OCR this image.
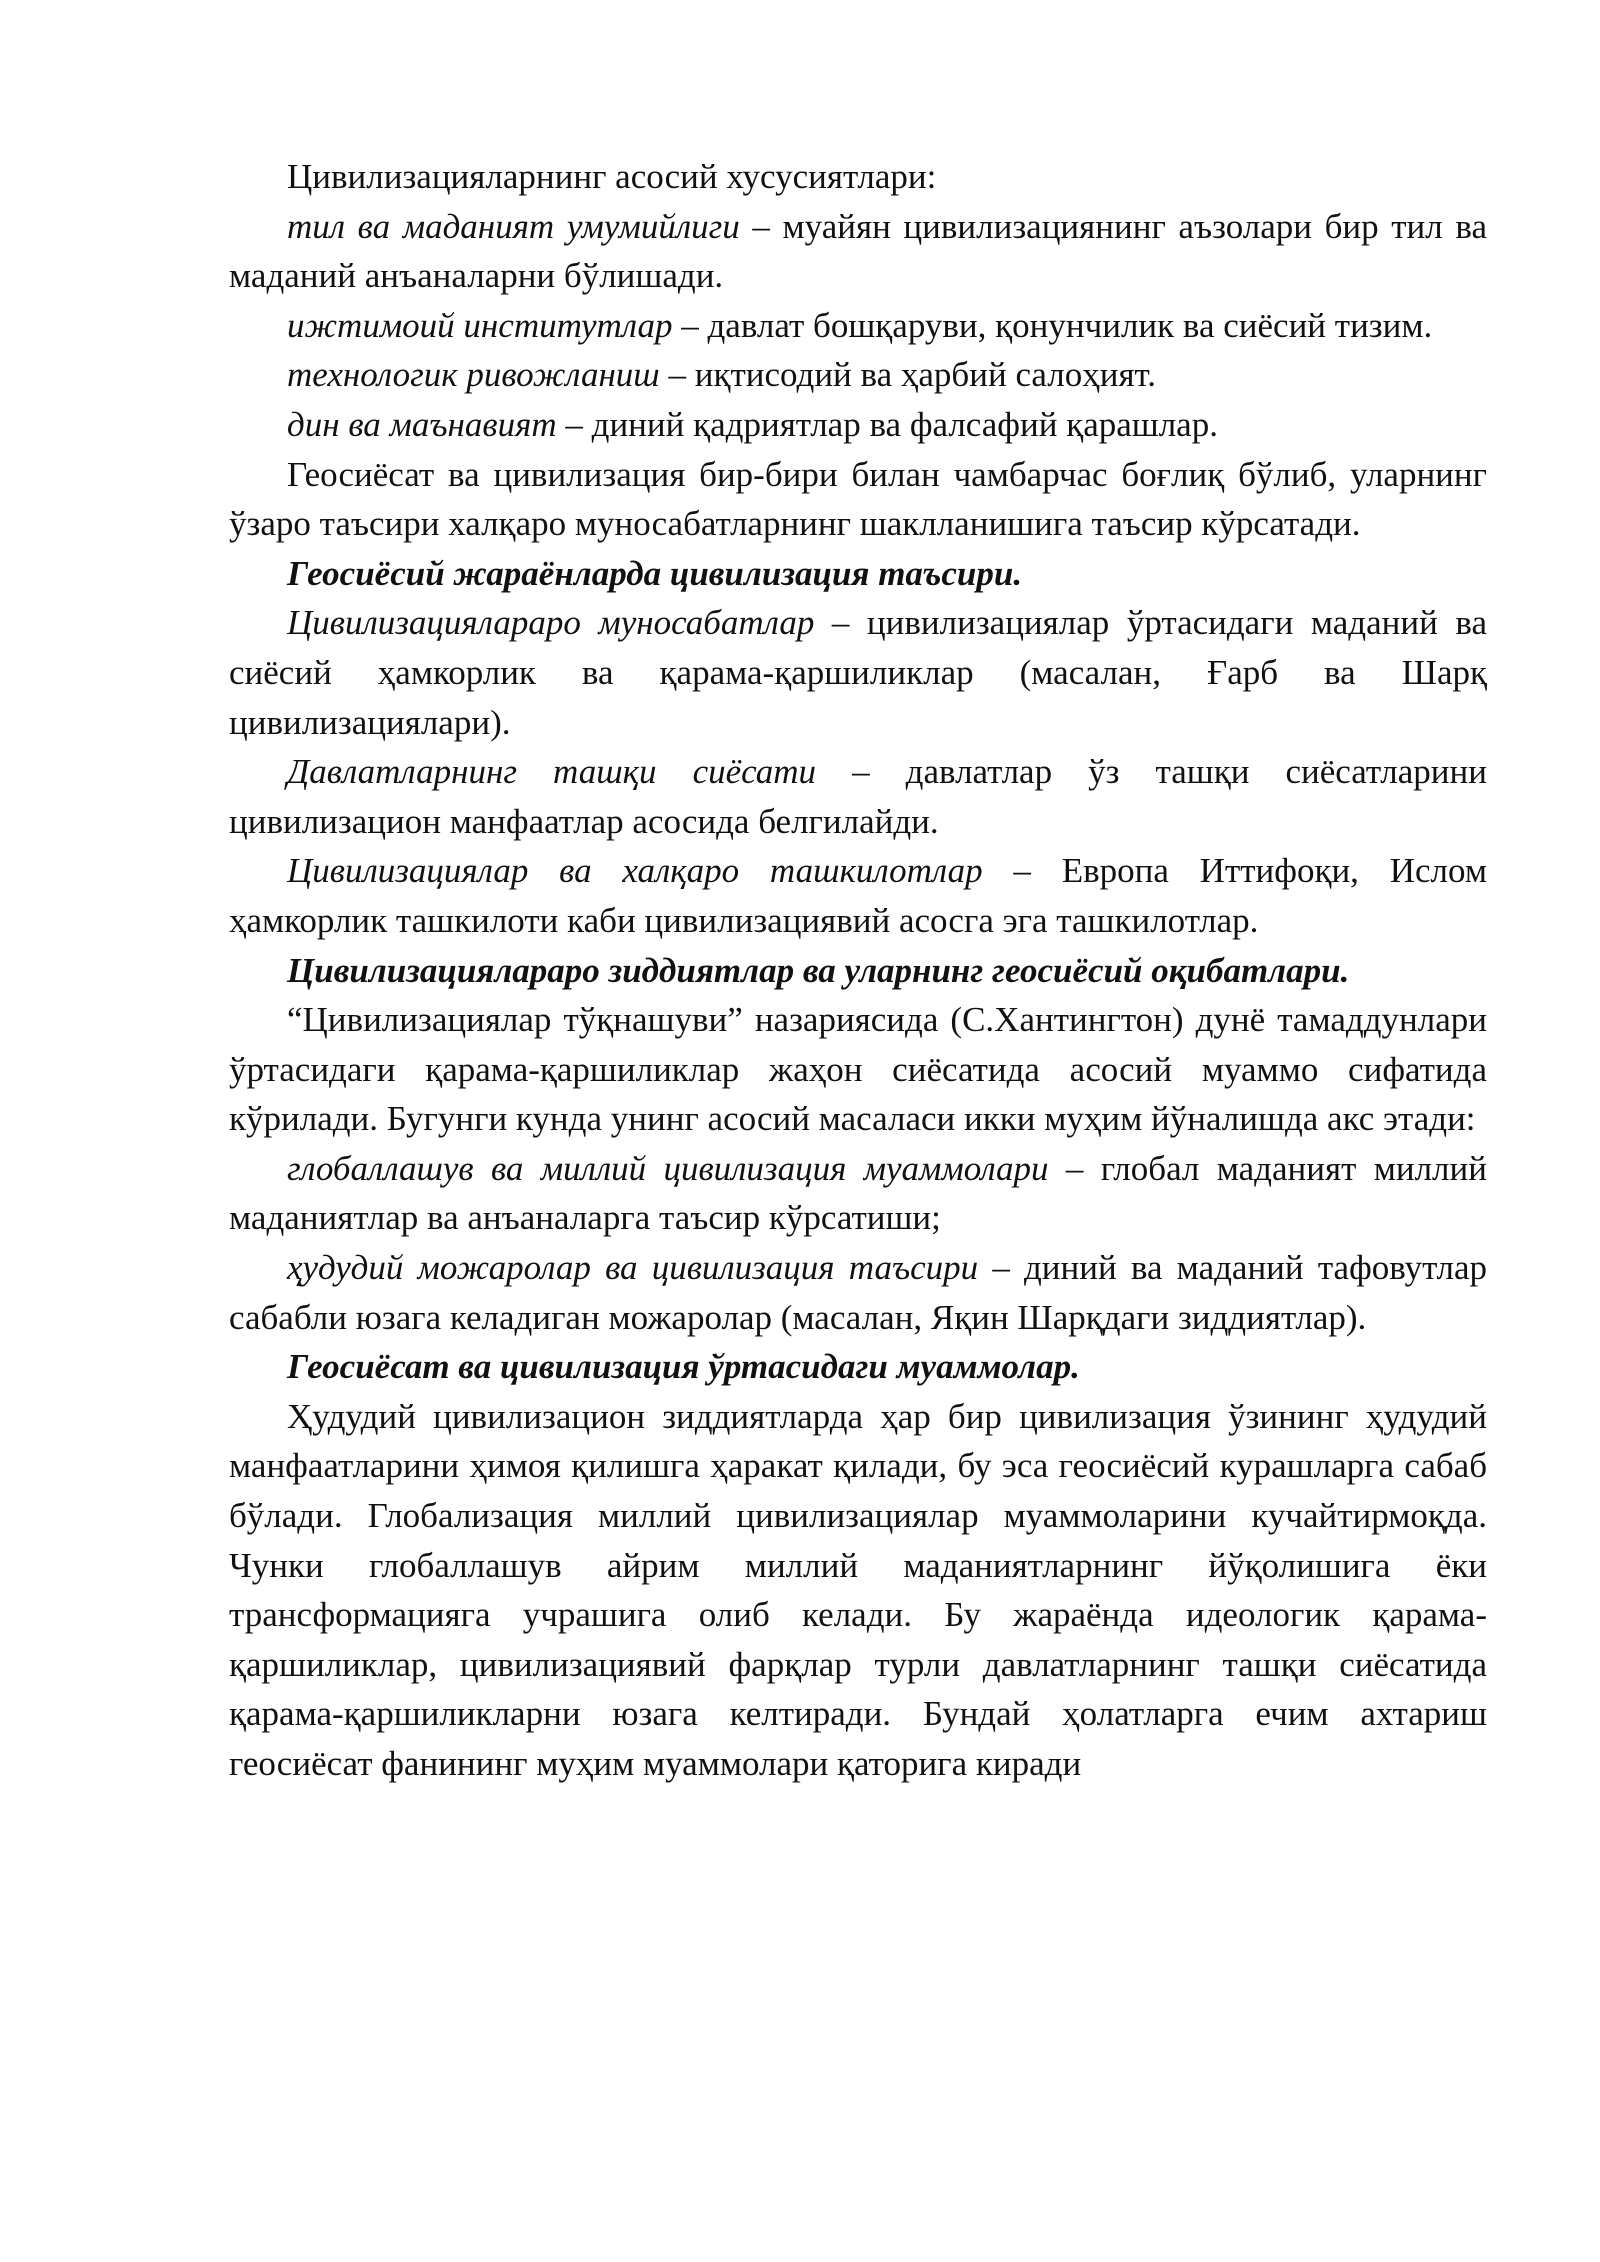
Цивилизацияларнинг асосий хусусиятлари:

тил ва маданият умумийлиги – муайян цивилизациянинг аъзолари бир тил ва маданий анъаналарни бўлишади.

ижтимоий институтлар – давлат бошқаруви, қонунчилик ва сиёсий тизим.

технологик ривожланиш – иқтисодий ва ҳарбий салоҳият.

дин ва маънавият – диний қадриятлар ва фалсафий қарашлар.

Геосиёсат ва цивилизация бир-бири билан чамбарчас боғлиқ бўлиб, уларнинг ўзаро таъсири халқаро муносабатларнинг шаклланишига таъсир кўрсатади.

Геосиёсий жараёнларда цивилизация таъсири.

Цивилизацияларaро муносабатлар – цивилизациялар ўртасидаги маданий ва сиёсий ҳамкорлик ва қарама-қаршиликлар (масалан, Ғарб ва Шарқ цивилизациялари).

Давлатларнинг ташқи сиёсати – давлатлар ўз ташқи сиёсатларини цивилизацион манфаатлар асосида белгилайди.

Цивилизациялар ва халқаро ташкилотлар – Европа Иттифоқи, Ислом ҳамкорлик ташкилоти каби цивилизациявий асосга эга ташкилотлар.

Цивилизацияларaро зиддиятлар ва уларнинг геосиёсий оқибатлари.

“Цивилизациялар тўқнашуви” назариясида (С.Хантингтон) дунё тамаддунлари ўртасидаги қарама-қаршиликлар жаҳон сиёсатида асосий муаммо сифатида кўрилади. Бугунги кунда унинг асосий масаласи икки муҳим йўналишда акс этади:

глобаллашув ва миллий цивилизация муаммолари – глобал маданият миллий маданиятлар ва анъаналарга таъсир кўрсатиши;

ҳудудий можаролар ва цивилизация таъсири – диний ва маданий тафовутлар сабабли юзага келадиган можаролар (масалан, Яқин Шарқдаги зиддиятлар).

Геосиёсат ва цивилизация ўртасидаги муаммолар.

Ҳудудий цивилизацион зиддиятларда ҳар бир цивилизация ўзининг ҳудудий манфаатларини ҳимоя қилишга ҳаракат қилади, бу эса геосиёсий курашларга сабаб бўлади. Глобализация миллий цивилизациялар муаммоларини кучайтирмоқда. Чунки глобаллашув айрим миллий маданиятларнинг йўқолишига ёки трансформацияга учрашига олиб келади. Бу жараёнда идеологик қарама-қаршиликлар, цивилизациявий фарқлар турли давлатларнинг ташқи сиёсатида қарама-қаршиликларни юзага келтиради. Бундай ҳолатларга ечим ахтариш геосиёсат фанининг муҳим муаммолари қаторига киради
